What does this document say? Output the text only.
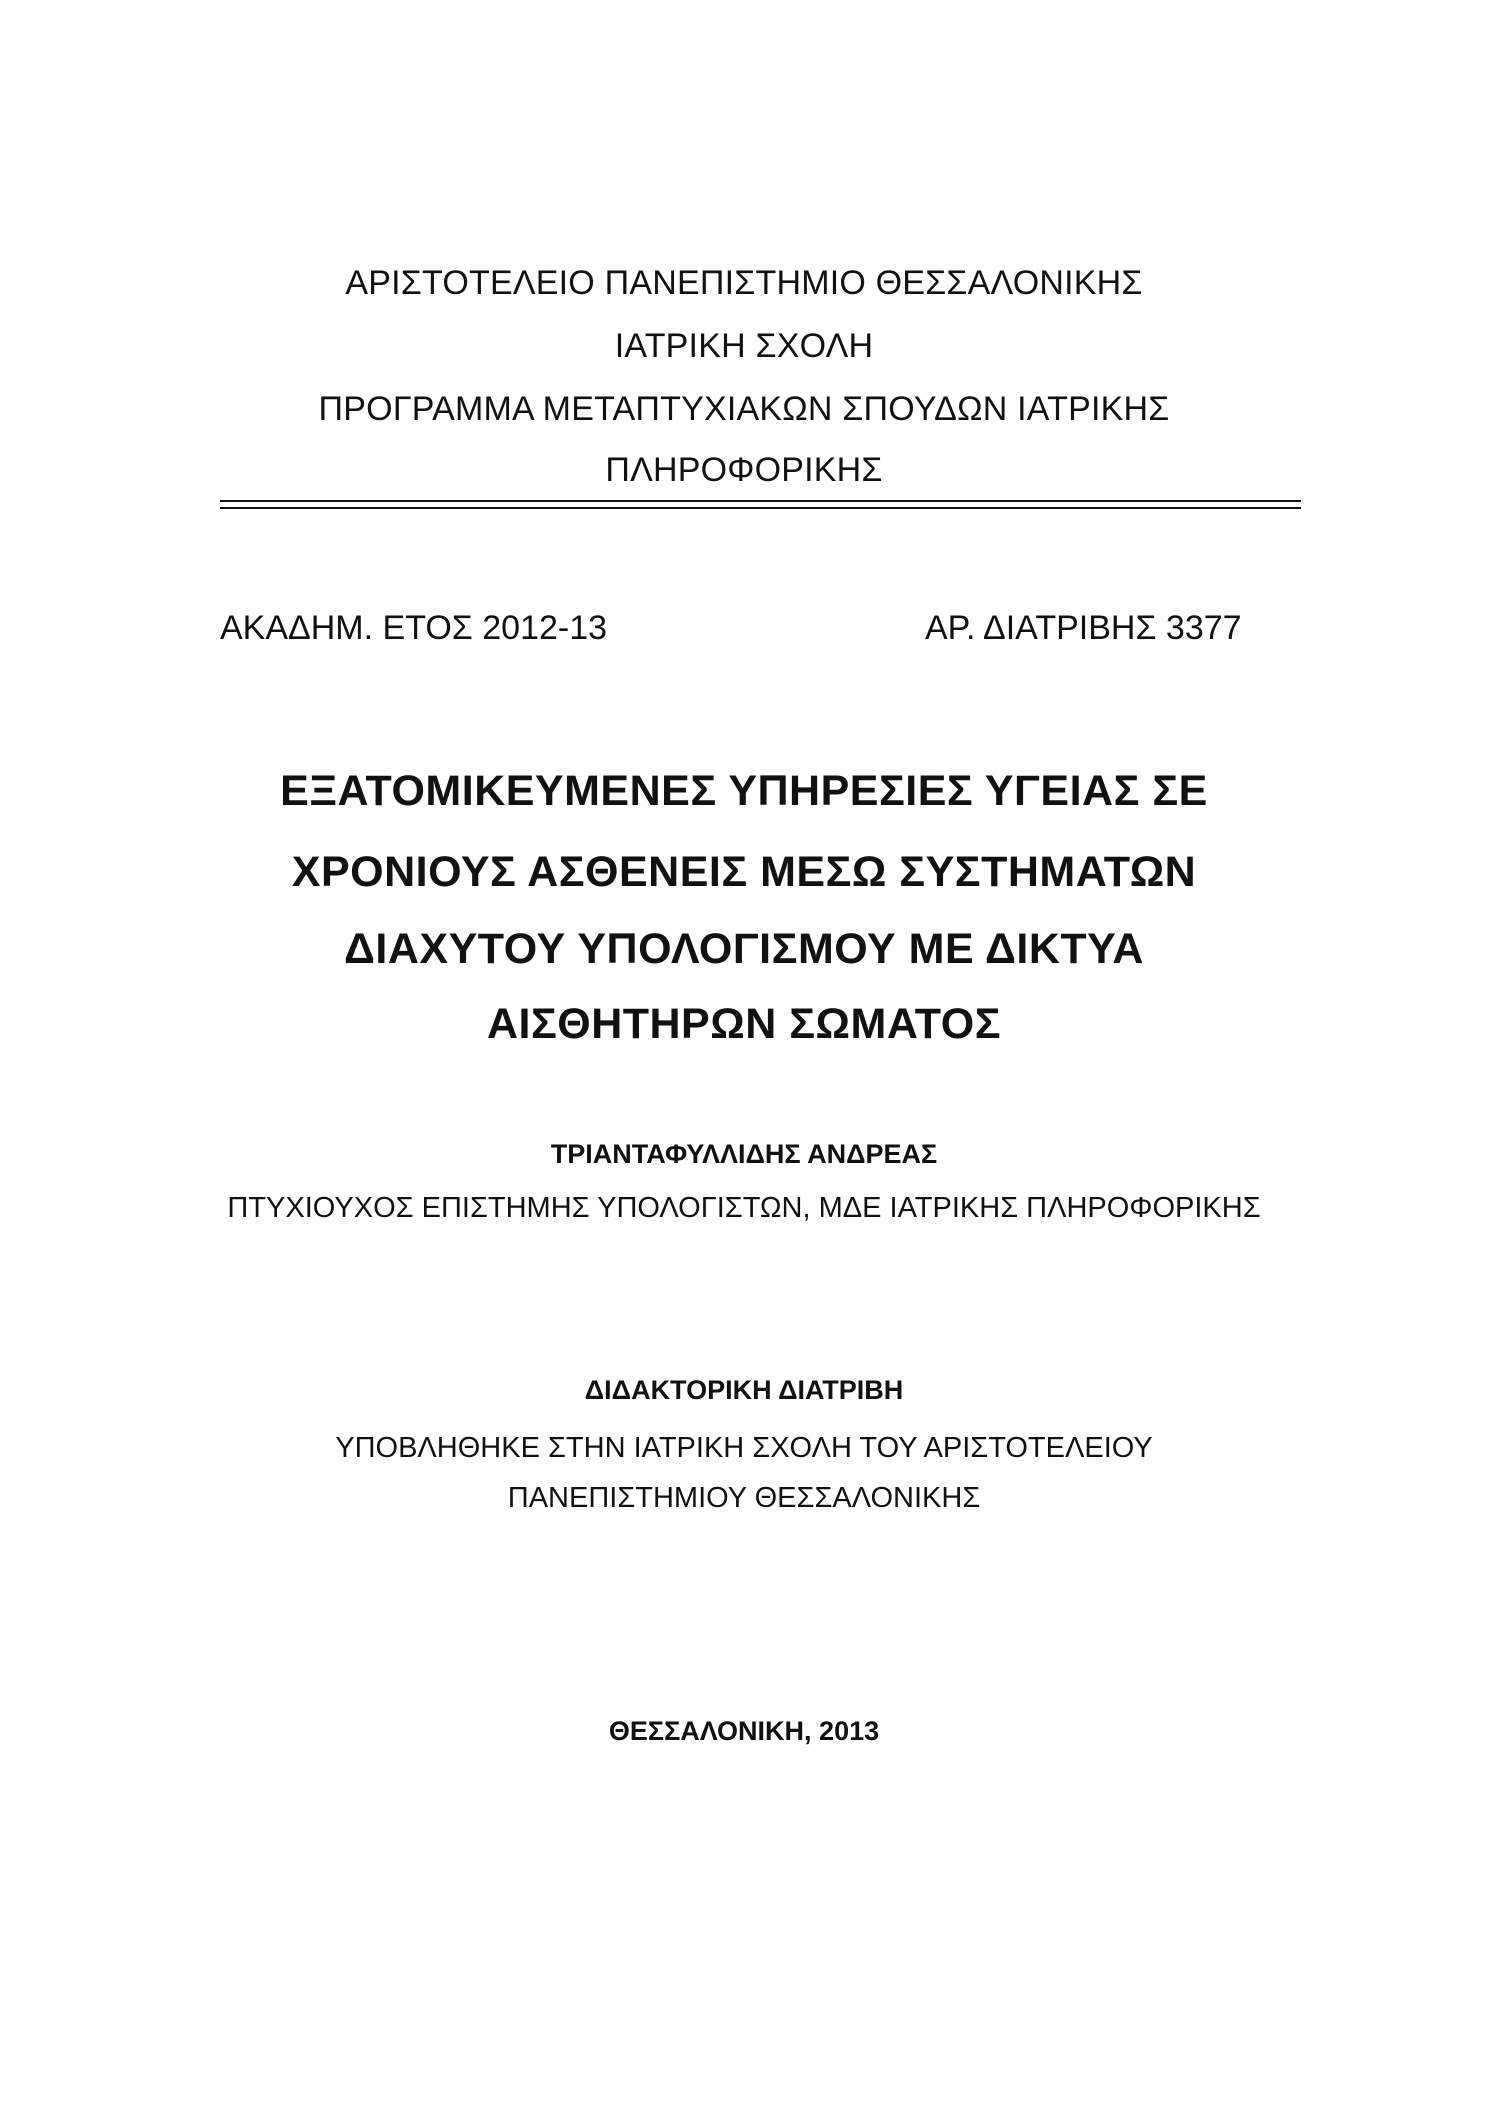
ΑΡΙΣΤΟΤΕΛΕΙΟ ΠΑΝΕΠΙΣΤΗΜΙΟ ΘΕΣΣΑΛΟΝΙΚΗΣ

ΙΑΤΡΙΚΗ ΣΧΟΛΗ

ΠΡΟΓΡΑΜΜΑ ΜΕΤΑΠΤΥΧΙΑΚΩΝ ΣΠΟΥΔΩΝ ΙΑΤΡΙΚΗΣ

ΠΛΗΡΟΦΟΡΙΚΗΣ

ΑΚΑΔΗΜ. ΕΤΟΣ 2012-13	ΑΡ. ΔΙΑΤΡΙΒΗΣ 3377

ΕΞΑΤΟΜΙΚΕΥΜΕΝΕΣ ΥΠΗΡΕΣΙΕΣ ΥΓΕΙΑΣ ΣΕ

ΧΡΟΝΙΟΥΣ ΑΣΘΕΝΕΙΣ ΜΕΣΩ ΣΥΣΤΗΜΑΤΩΝ

ΔΙΑΧΥΤΟΥ ΥΠΟΛΟΓΙΣΜΟΥ ΜΕ ΔΙΚΤΥΑ

ΑΙΣΘΗΤΗΡΩΝ ΣΩΜΑΤΟΣ

ΤΡΙΑΝΤΑΦΥΛΛΙΔΗΣ ΑΝΔΡΕΑΣ

ΠΤΥΧΙΟΥΧΟΣ ΕΠΙΣΤΗΜΗΣ ΥΠΟΛΟΓΙΣΤΩΝ, ΜΔΕ ΙΑΤΡΙΚΗΣ ΠΛΗΡΟΦΟΡΙΚΗΣ

ΔΙΔΑΚΤΟΡΙΚΗ ΔΙΑΤΡΙΒΗ

ΥΠΟΒΛΗΘΗΚΕ ΣΤΗΝ ΙΑΤΡΙΚΗ ΣΧΟΛΗ ΤΟΥ ΑΡΙΣΤΟΤΕΛΕΙΟΥ

ΠΑΝΕΠΙΣΤΗΜΙΟΥ ΘΕΣΣΑΛΟΝΙΚΗΣ

ΘΕΣΣΑΛΟΝΙΚΗ, 2013
